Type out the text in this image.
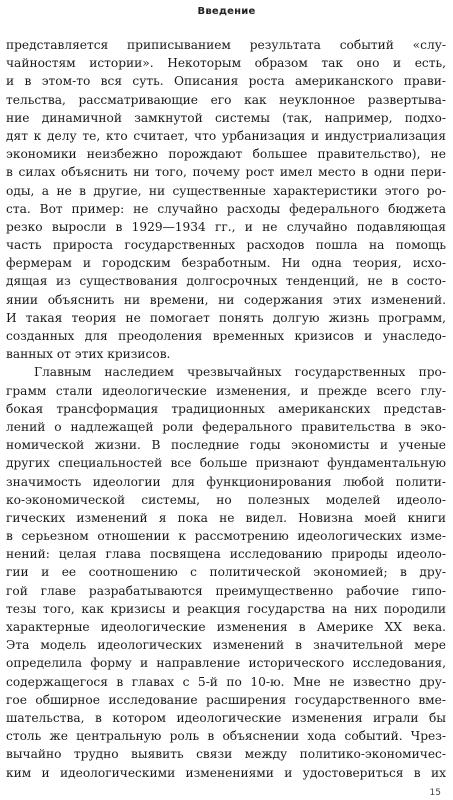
Введение
представляется приписыванием результата событий «слу-
чайностям истории». Некоторым образом так оно и есть,
и в этом-то вся суть. Описания роста американского прави-
тельства, рассматривающие его как неуклонное развертыва-
ние динамичной замкнутой системы (так, например, подхо-
дят к делу те, кто считает, что урбанизация и индустриализация
экономики неизбежно порождают большее правительство), не
в силах объяснить ни того, почему рост имел место в одни пери-
оды, а не в другие, ни существенные характеристики этого ро-
ста. Вот пример: не случайно расходы федерального бюджета
резко выросли в 1929—1934 гг., и не случайно подавляющая
часть прироста государственных расходов пошла на помощь
фермерам и городским безработным. Ни одна теория, исхо-
дящая из существования долгосрочных тенденций, не в состо-
янии объяснить ни времени, ни содержания этих изменений.
И такая теория не помогает понять долгую жизнь программ,
созданных для преодоления временных кризисов и унаследо-
ванных от этих кризисов.
Главным наследием чрезвычайных государственных про-
грамм стали идеологические изменения, и прежде всего глу-
бокая трансформация традиционных американских представ-
лений о надлежащей роли федерального правительства в эко-
номической жизни. В последние годы экономисты и ученые
других специальностей все больше признают фундаментальную
значимость идеологии для функционирования любой полити-
ко-экономической системы, но полезных моделей идеоло-
гических изменений я пока не видел. Новизна моей книги
в серьезном отношении к рассмотрению идеологических изме-
нений: целая глава посвящена исследованию природы идеоло-
гии и ее соотношению с политической экономией; в дру-
гой главе разрабатываются преимущественно рабочие гипо-
тезы того, как кризисы и реакция государства на них породили
характерные идеологические изменения в Америке XX века.
Эта модель идеологических изменений в значительной мере
определила форму и направление исторического исследования,
содержащегося в главах с 5-й по 10-ю. Мне не известно дру-
гое обширное исследование расширения государственного вме-
шательства, в котором идеологические изменения играли бы
столь же центральную роль в объяснении хода событий. Чрез-
вычайно трудно выявить связи между политико-экономичес-
ким и идеологическими изменениями и удостовериться в их
15
